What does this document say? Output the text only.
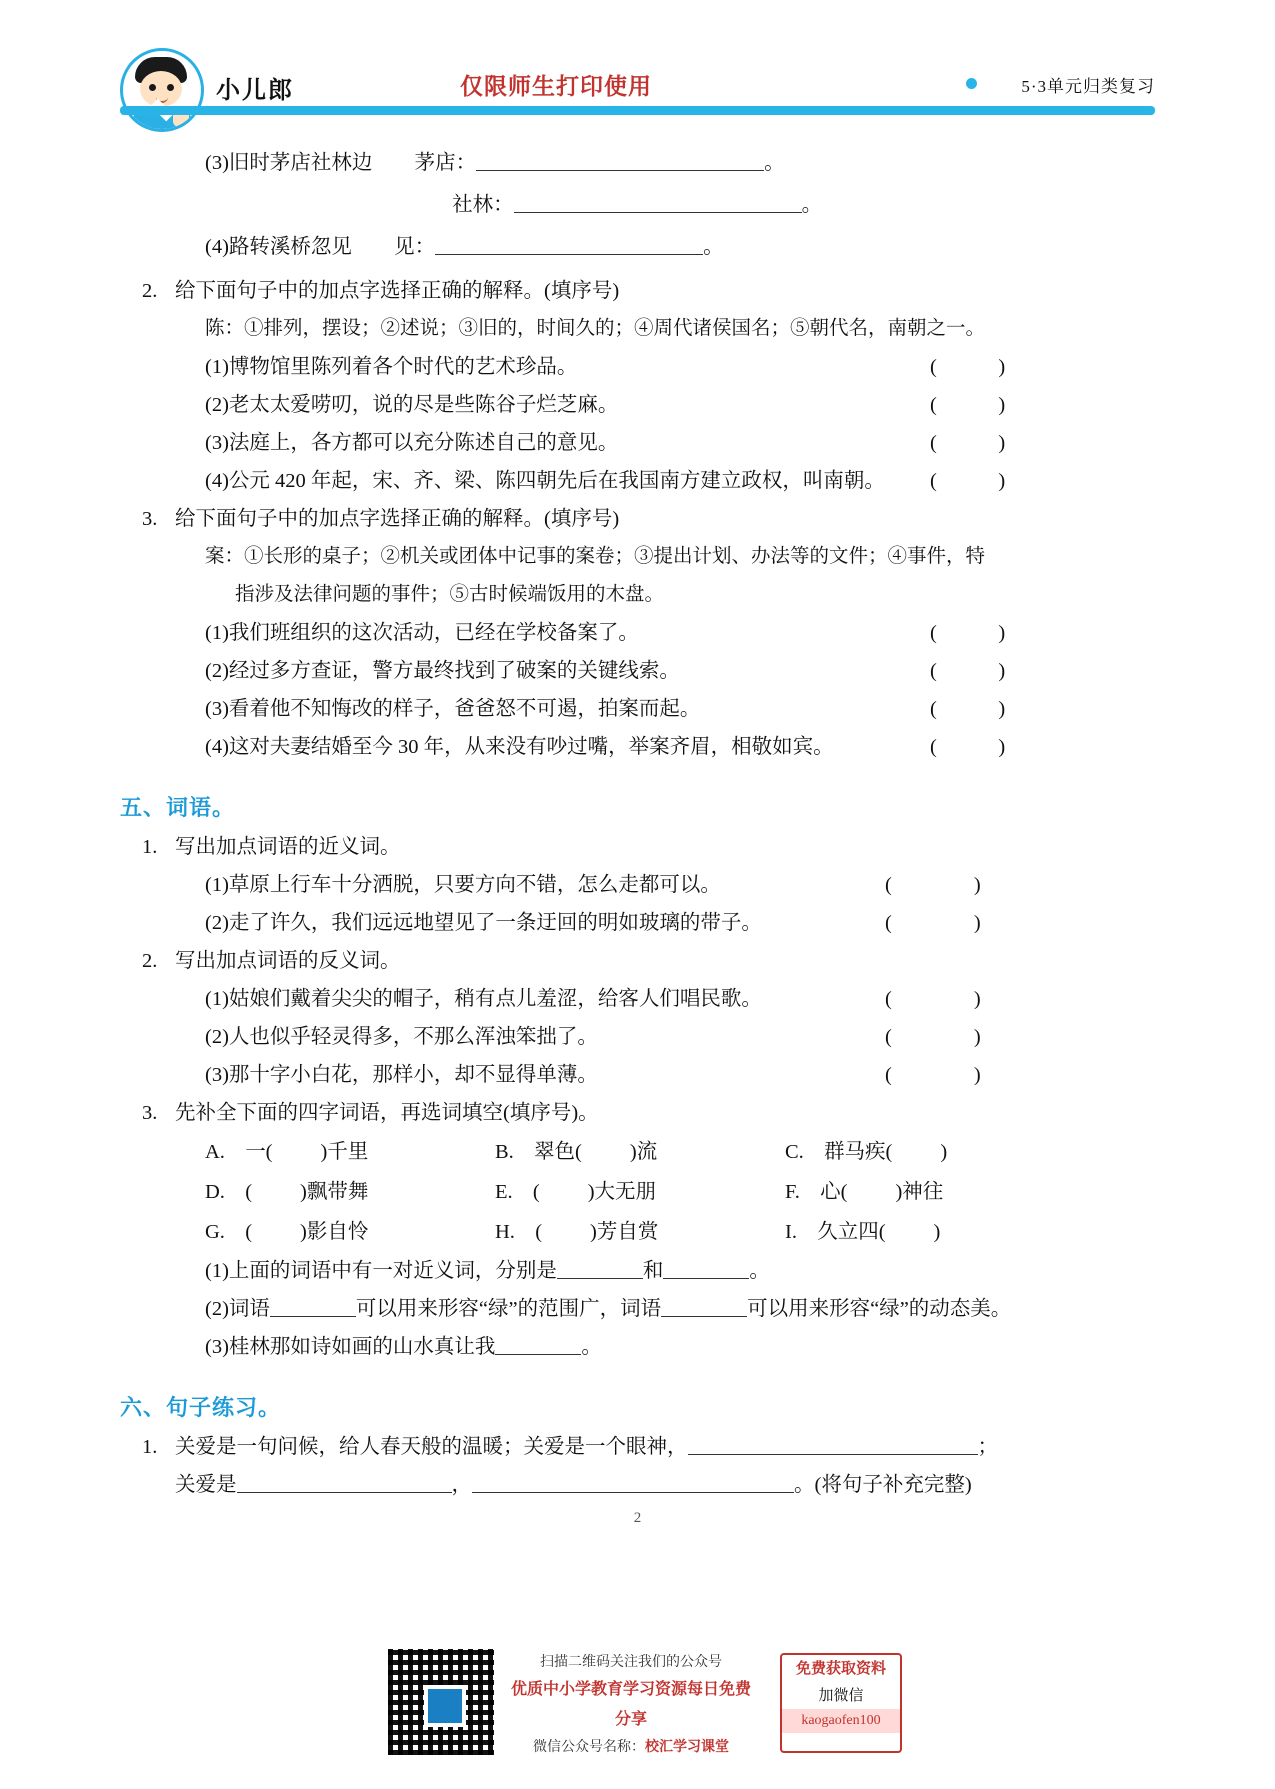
小儿郎	仅限师生打印使用	5·3单元归类复习
(3)旧时茅店社林边 茅店：	。
社林：	。
(4)路转溪桥忽见 见：	。
2. 给下面句子中的加点字选择正确的解释。(填序号)
陈：①排列，摆设；②述说；③旧的，时间久的；④周代诸侯国名；⑤朝代名，南朝之一。
(1)博物馆里陈列着各个时代的艺术珍品。	(　　　)
(2)老太太爱唠叨，说的尽是些陈谷子烂芝麻。	(　　　)
(3)法庭上，各方都可以充分陈述自己的意见。	(　　　)
(4)公元 420 年起，宋、齐、梁、陈四朝先后在我国南方建立政权，叫南朝。 (　　　)
3. 给下面句子中的加点字选择正确的解释。(填序号)
案：①长形的桌子；②机关或团体中记事的案卷；③提出计划、办法等的文件；④事件，特
指涉及法律问题的事件；⑤古时候端饭用的木盘。
(1)我们班组织的这次活动，已经在学校备案了。	(　　　)
(2)经过多方查证，警方最终找到了破案的关键线索。	(　　　)
(3)看着他不知悔改的样子，爸爸怒不可遏，拍案而起。	(　　　)
(4)这对夫妻结婚至今 30 年，从来没有吵过嘴，举案齐眉，相敬如宾。	(　　　)
五、词语。
1. 写出加点词语的近义词。
(1)草原上行车十分洒脱，只要方向不错，怎么走都可以。	(　　　　)
(2)走了许久，我们远远地望见了一条迂回的明如玻璃的带子。	(　　　　)
2. 写出加点词语的反义词。
(1)姑娘们戴着尖尖的帽子，稍有点儿羞涩，给客人们唱民歌。	(　　　　)
(2)人也似乎轻灵得多，不那么浑浊笨拙了。	(　　　　)
(3)那十字小白花，那样小，却不显得单薄。	(　　　　)
3. 先补全下面的四字词语，再选词填空(填序号)。
A. 一( )千里	B. 翠色( )流	C. 群马疾( )
D. ( )飘带舞	E. ( )大无朋	F. 心( )神往
G. ( )影自怜	H. ( )芳自赏	I. 久立四( )
(1)上面的词语中有一对近义词，分别是	和	。
(2)词语	可以用来形容“绿”的范围广，词语	可以用来形容“绿”的动态美。
(3)桂林那如诗如画的山水真让我	。
六、句子练习。
1. 关爱是一句问候，给人春天般的温暖；关爱是一个眼神，	；
关爱是	，	。(将句子补充完整)
2
扫描二维码关注我们的公众号
优质中小学教育学习资源每日免费分享
微信公众号名称：校汇学习课堂
免费获取资料
加微信
kaogaofen100
